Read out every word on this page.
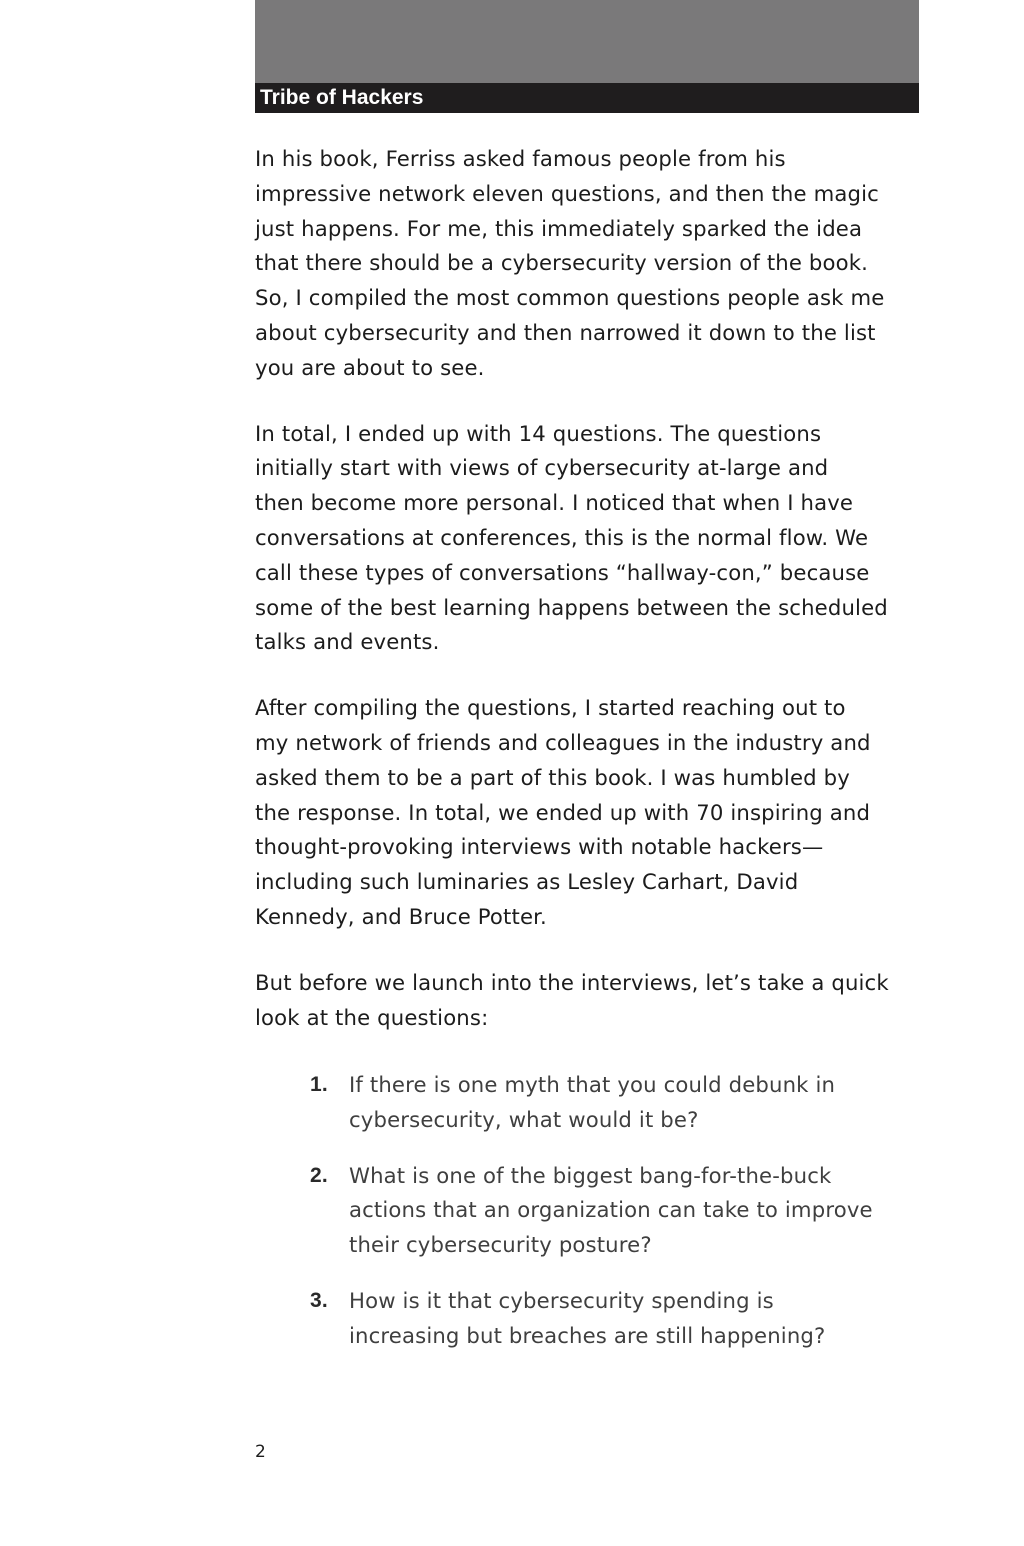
Tribe of Hackers

In his book, Ferriss asked famous people from his
impressive network eleven questions, and then the magic
just happens. For me, this immediately sparked the idea
that there should be a cybersecurity version of the book.
So, I compiled the most common questions people ask me
about cybersecurity and then narrowed it down to the list
you are about to see.

In total, I ended up with 14 questions. The questions
initially start with views of cybersecurity at-large and
then become more personal. I noticed that when I have
conversations at conferences, this is the normal flow. We
call these types of conversations “hallway-con,” because
some of the best learning happens between the scheduled
talks and events.

After compiling the questions, I started reaching out to
my network of friends and colleagues in the industry and
asked them to be a part of this book. I was humbled by
the response. In total, we ended up with 70 inspiring and
thought-provoking interviews with notable hackers—
including such luminaries as Lesley Carhart, David
Kennedy, and Bruce Potter.

But before we launch into the interviews, let’s take a quick
look at the questions:

1. If there is one myth that you could debunk in
cybersecurity, what would it be?
2. What is one of the biggest bang-for-the-buck
actions that an organization can take to improve
their cybersecurity posture?
3. How is it that cybersecurity spending is
increasing but breaches are still happening?
2
